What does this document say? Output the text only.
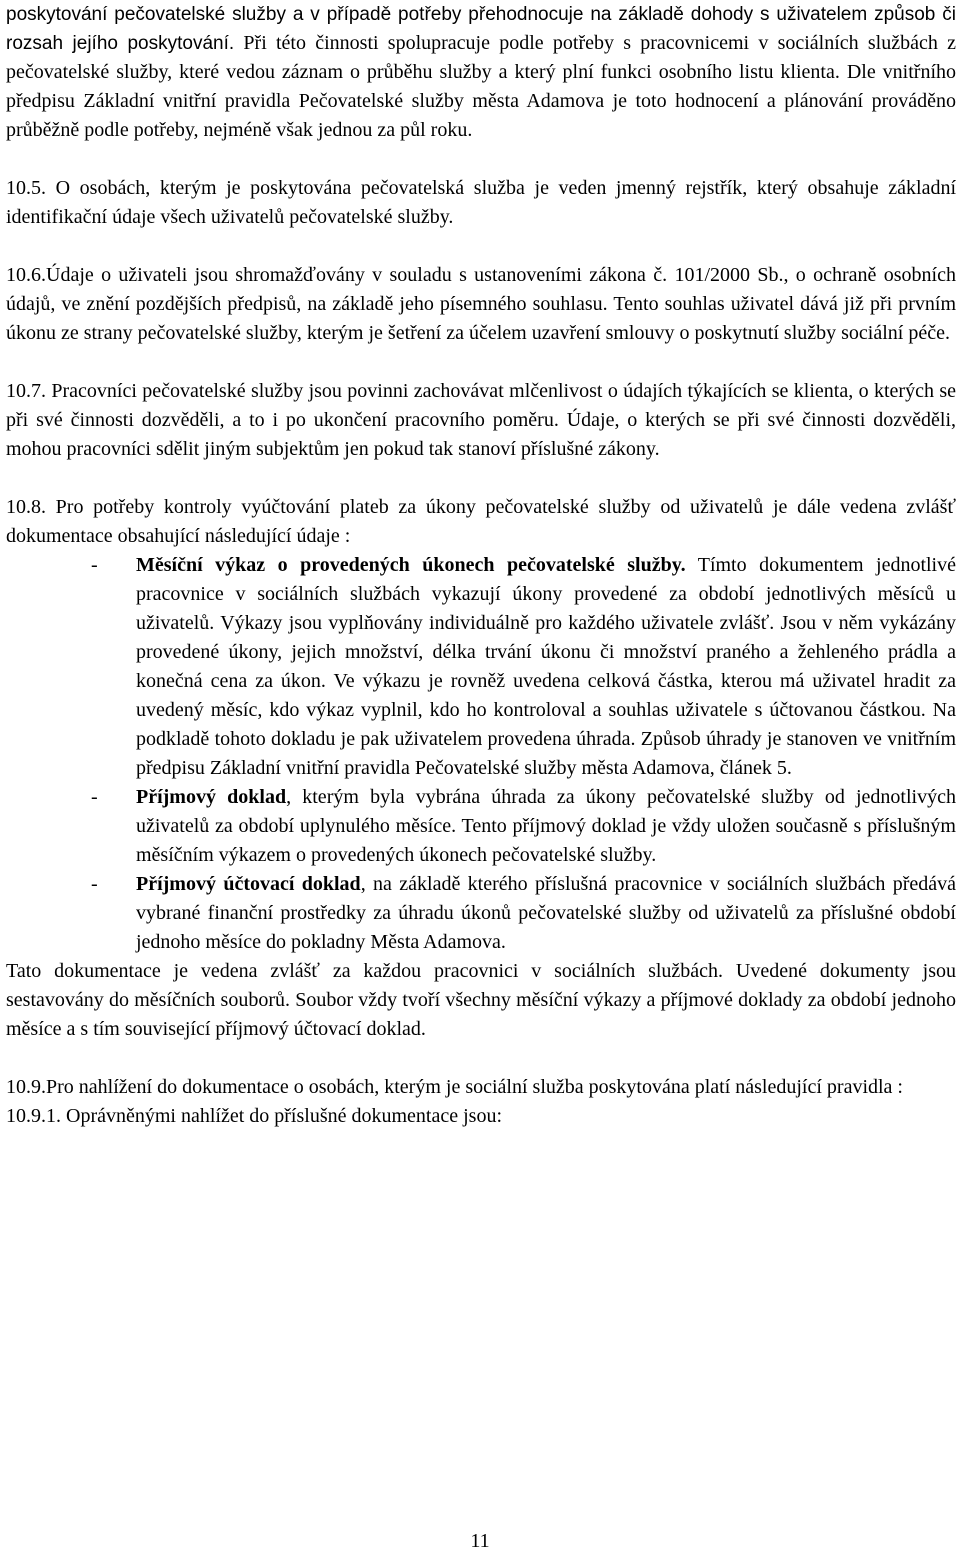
poskytování pečovatelské služby a v případě potřeby přehodnocuje na základě dohody s uživatelem způsob či rozsah jejího poskytování. Při této činnosti spolupracuje podle potřeby s pracovnicemi v sociálních službách z pečovatelské služby, které vedou záznam o průběhu služby a který plní funkci osobního listu klienta. Dle vnitřního předpisu Základní vnitřní pravidla Pečovatelské služby města Adamova je toto hodnocení a plánování prováděno průběžně podle potřeby, nejméně však jednou za půl roku.

10.5. O osobách, kterým je poskytována pečovatelská služba je veden jmenný rejstřík, který obsahuje základní identifikační údaje všech uživatelů pečovatelské služby.

10.6.Údaje o uživateli jsou shromažďovány v souladu s ustanoveními zákona č. 101/2000 Sb., o ochraně osobních údajů, ve znění pozdějších předpisů, na základě jeho písemného souhlasu. Tento souhlas uživatel dává již při prvním úkonu ze strany pečovatelské služby, kterým je šetření za účelem uzavření smlouvy o poskytnutí služby sociální péče.

10.7. Pracovníci pečovatelské služby jsou povinni zachovávat mlčenlivost o údajích týkajících se klienta, o kterých se při své činnosti dozvěděli, a to i po ukončení pracovního poměru. Údaje, o kterých se při své činnosti dozvěděli, mohou pracovníci sdělit jiným subjektům jen pokud tak stanoví příslušné zákony.

10.8. Pro potřeby kontroly vyúčtování plateb za úkony pečovatelské služby od uživatelů je dále vedena zvlášť dokumentace obsahující následující údaje :

- Měsíční výkaz o provedených úkonech pečovatelské služby. Tímto dokumentem jednotlivé pracovnice v sociálních službách vykazují úkony provedené za období jednotlivých měsíců u uživatelů. Výkazy jsou vyplňovány individuálně pro každého uživatele zvlášť. Jsou v něm vykázány provedené úkony, jejich množství, délka trvání úkonu či množství praného a žehleného prádla a konečná cena za úkon. Ve výkazu je rovněž uvedena celková částka, kterou má uživatel hradit za uvedený měsíc, kdo výkaz vyplnil, kdo ho kontroloval a souhlas uživatele s účtovanou částkou. Na podkladě tohoto dokladu je pak uživatelem provedena úhrada. Způsob úhrady je stanoven ve vnitřním předpisu Základní vnitřní pravidla Pečovatelské služby města Adamova, článek 5.
- Příjmový doklad, kterým byla vybrána úhrada za úkony pečovatelské služby od jednotlivých uživatelů za období uplynulého měsíce. Tento příjmový doklad je vždy uložen současně s příslušným měsíčním výkazem o provedených úkonech pečovatelské služby.
- Příjmový účtovací doklad, na základě kterého příslušná pracovnice v sociálních službách předává vybrané finanční prostředky za úhradu úkonů pečovatelské služby od uživatelů za příslušné období jednoho měsíce do pokladny Města Adamova.

Tato dokumentace je vedena zvlášť za každou pracovnici v sociálních službách. Uvedené dokumenty jsou sestavovány do měsíčních souborů. Soubor vždy tvoří všechny měsíční výkazy a příjmové doklady za období jednoho měsíce a s tím související příjmový účtovací doklad.

10.9.Pro nahlížení do dokumentace o osobách, kterým je sociální služba poskytována platí následující pravidla :

10.9.1. Oprávněnými nahlížet do příslušné dokumentace jsou:

11
